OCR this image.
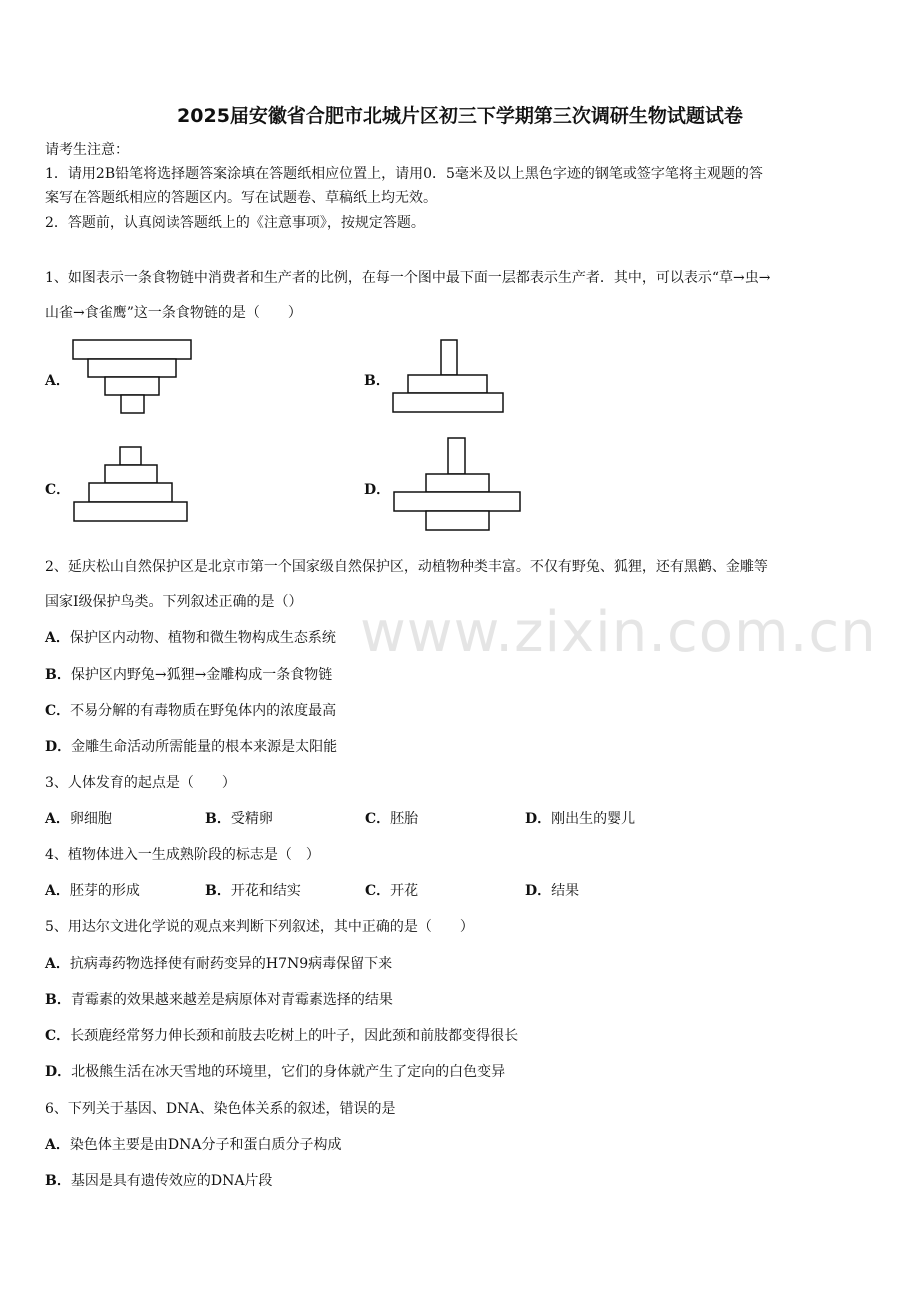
2025届安徽省合肥市北城片区初三下学期第三次调研生物试题试卷
请考生注意：
1．请用2B铅笔将选择题答案涂填在答题纸相应位置上，请用0．5毫米及以上黑色字迹的钢笔或签字笔将主观题的答
案写在答题纸相应的答题区内。写在试题卷、草稿纸上均无效。
2．答题前，认真阅读答题纸上的《注意事项》，按规定答题。
1、如图表示一条食物链中消费者和生产者的比例，在每一个图中最下面一层都表示生产者．其中，可以表示“草→虫→
山雀→食雀鹰”这一条食物链的是（　　）
A．	B．
C．	D．
2、延庆松山自然保护区是北京市第一个国家级自然保护区，动植物种类丰富。不仅有野兔、狐狸，还有黑鹳、金雕等
国家Ⅰ级保护鸟类。下列叙述正确的是（）
A．保护区内动物、植物和微生物构成生态系统
B．保护区内野兔→狐狸→金雕构成一条食物链
C．不易分解的有毒物质在野兔体内的浓度最高
D．金雕生命活动所需能量的根本来源是太阳能
3、人体发育的起点是（　　）
A．卵细胞	B．受精卵	C．胚胎	D．刚出生的婴儿
4、植物体进入一生成熟阶段的标志是（　）
A．胚芽的形成	B．开花和结实	C．开花	D．结果
5、用达尔文进化学说的观点来判断下列叙述，其中正确的是（　　）
A．抗病毒药物选择使有耐药变异的H7N9病毒保留下来
B．青霉素的效果越来越差是病原体对青霉素选择的结果
C．长颈鹿经常努力伸长颈和前肢去吃树上的叶子，因此颈和前肢都变得很长
D．北极熊生活在冰天雪地的环境里，它们的身体就产生了定向的白色变异
6、下列关于基因、DNA、染色体关系的叙述，错误的是
A．染色体主要是由DNA分子和蛋白质分子构成
B．基因是具有遗传效应的DNA片段
www.zixin.com.cn
